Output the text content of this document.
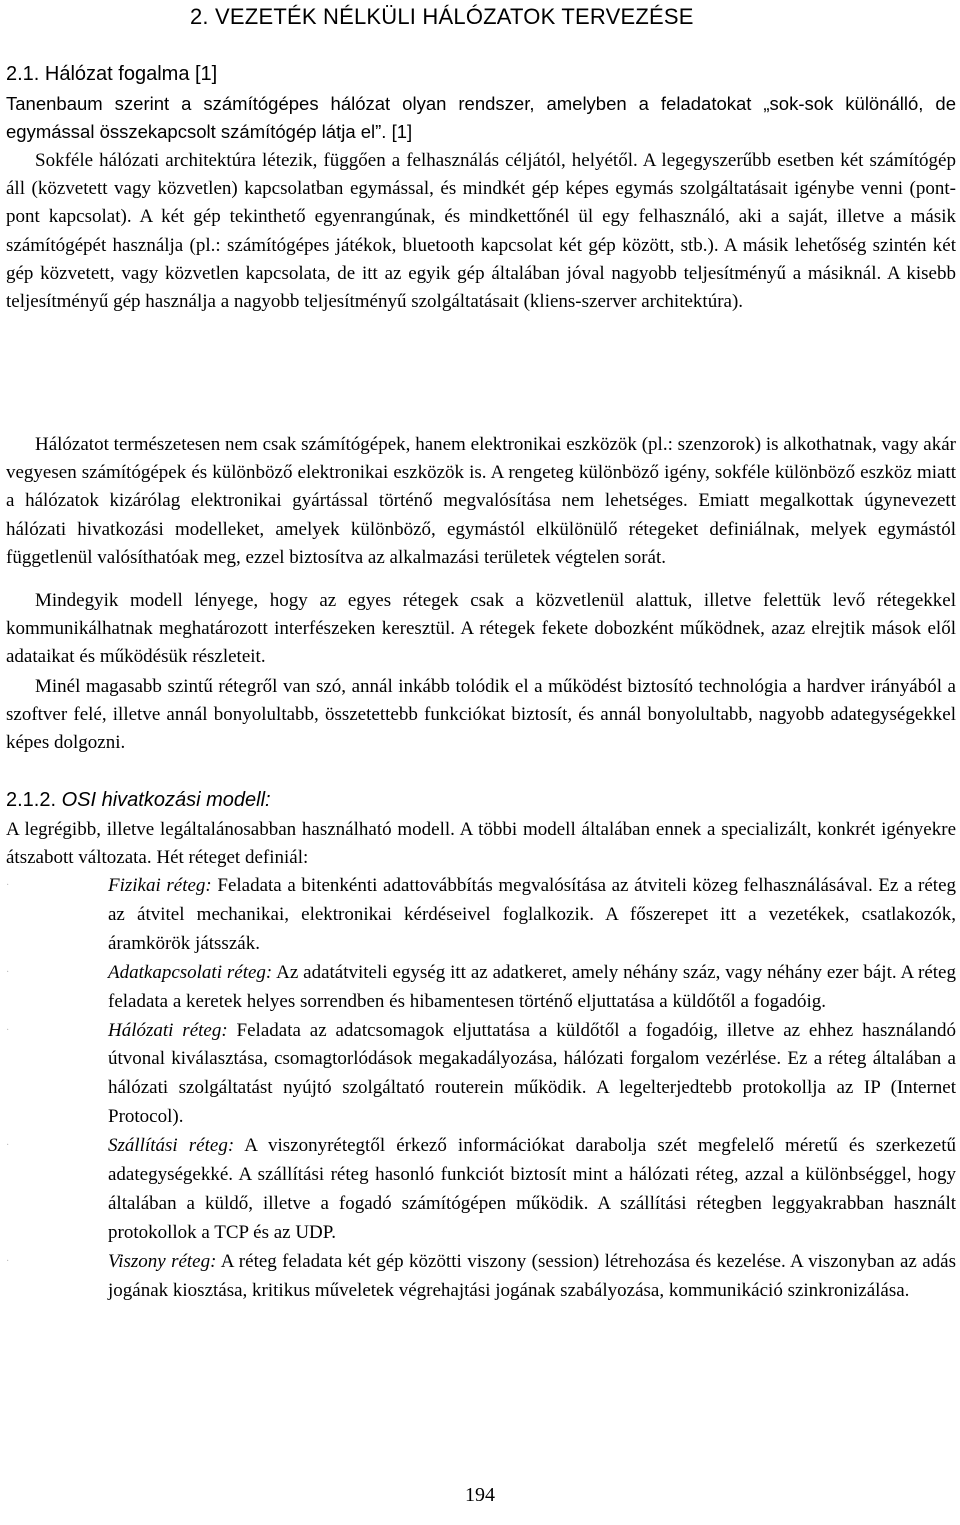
2. VEZETÉK NÉLKÜLI HÁLÓZATOK TERVEZÉSE
2.1. Hálózat fogalma [1]

Tanenbaum szerint a számítógépes hálózat olyan rendszer, amelyben a feladatokat „sok-sok különálló, de egymással összekapcsolt számítógép látja el”. [1]

Sokféle hálózati architektúra létezik, függően a felhasználás céljától, helyétől. A legegyszerűbb esetben két számítógép áll (közvetett vagy közvetlen) kapcsolatban egymással, és mindkét gép képes egymás szolgáltatásait igénybe venni (pont-pont kapcsolat). A két gép tekinthető egyenrangúnak, és mindkettőnél ül egy felhasználó, aki a saját, illetve a másik számítógépét használja (pl.: számítógépes játékok, bluetooth kapcsolat két gép között, stb.). A másik lehetőség szintén két gép közvetett, vagy közvetlen kapcsolata, de itt az egyik gép általában jóval nagyobb teljesítményű a másiknál. A kisebb teljesítményű gép használja a nagyobb teljesítményű szolgáltatásait (kliens-szerver architektúra).

Hálózatot természetesen nem csak számítógépek, hanem elektronikai eszközök (pl.: szenzorok) is alkothatnak, vagy akár vegyesen számítógépek és különböző elektronikai eszközök is. A rengeteg különböző igény, sokféle különböző eszköz miatt a hálózatok kizárólag elektronikai gyártással történő megvalósítása nem lehetséges. Emiatt megalkottak úgynevezett hálózati hivatkozási modelleket, amelyek különböző, egymástól elkülönülő rétegeket definiálnak, melyek egymástól függetlenül valósíthatóak meg, ezzel biztosítva az alkalmazási területek végtelen sorát.

Mindegyik modell lényege, hogy az egyes rétegek csak a közvetlenül alattuk, illetve felettük levő rétegekkel kommunikálhatnak meghatározott interfészeken keresztül. A rétegek fekete dobozként működnek, azaz elrejtik mások elől adataikat és működésük részleteit.

Minél magasabb szintű rétegről van szó, annál inkább tolódik el a működést biztosító technológia a hardver irányából a szoftver felé, illetve annál bonyolultabb, összetettebb funkciókat biztosít, és annál bonyolultabb, nagyobb adategységekkel képes dolgozni.

2.1.2. OSI hivatkozási modell:

A legrégibb, illetve legáltalánosabban használható modell. A többi modell általában ennek a specializált, konkrét igényekre átszabott változata. Hét réteget definiál:

·	Fizikai réteg: Feladata a bitenkénti adattovábbítás megvalósítása az átviteli közeg felhasználásával. Ez a réteg az átvitel mechanikai, elektronikai kérdéseivel foglalkozik. A főszerepet itt a vezetékek, csatlakozók, áramkörök játsszák.
·	Adatkapcsolati réteg: Az adatátviteli egység itt az adatkeret, amely néhány száz, vagy néhány ezer bájt. A réteg feladata a keretek helyes sorrendben és hibamentesen történő eljuttatása a küldőtől a fogadóig.
·	Hálózati réteg: Feladata az adatcsomagok eljuttatása a küldőtől a fogadóig, illetve az ehhez használandó útvonal kiválasztása, csomagtorlódások megakadályozása, hálózati forgalom vezérlése. Ez a réteg általában a hálózati szolgáltatást nyújtó szolgáltató routerein működik. A legelterjedtebb protokollja az IP (Internet Protocol).
·	Szállítási réteg: A viszonyrétegtől érkező információkat darabolja szét megfelelő méretű és szerkezetű adategységekké. A szállítási réteg hasonló funkciót biztosít mint a hálózati réteg, azzal a különbséggel, hogy általában a küldő, illetve a fogadó számítógépen működik. A szállítási rétegben leggyakrabban használt protokollok a TCP és az UDP.
·	Viszony réteg: A réteg feladata két gép közötti viszony (session) létrehozása és kezelése. A viszonyban az adás jogának kiosztása, kritikus műveletek végrehajtási jogának szabályozása, kommunikáció szinkronizálása.
194
